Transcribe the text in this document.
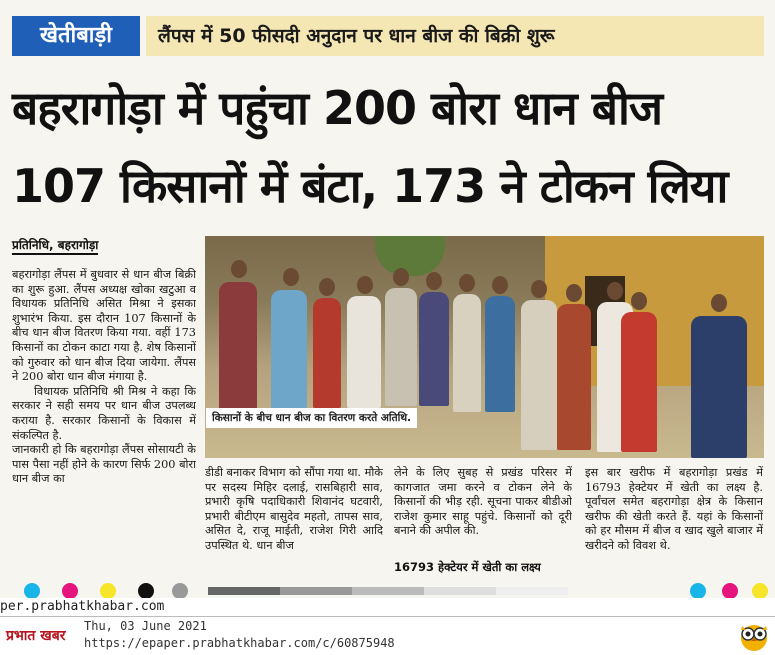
खेतीबाड़ी	लैंपस में 50 फीसदी अनुदान पर धान बीज की बिक्री शुरू
बहरागोड़ा में पहुंचा 200 बोरा धान बीज
107 किसानों में बंटा, 173 ने टोकन लिया
प्रतिनिधि, बहरागोड़ा

बहरागोड़ा लैंपस में बुधवार से धान बीज बिक्री का शुरू हुआ. लैंपस अध्यक्ष खोका खटुआ व विधायक प्रतिनिधि असित मिश्रा ने इसका शुभारंभ किया. इस दौरान 107 किसानों के बीच धान बीज वितरण किया गया. वहीं 173 किसानों का टोकन काटा गया है. शेष किसानों को गुरुवार को धान बीज दिया जायेगा. लैंपस ने 200 बोरा धान बीज मंगाया है.

विधायक प्रतिनिधि श्री मिश्र ने कहा कि सरकार ने सही समय पर धान बीज उपलब्ध कराया है. सरकार किसानों के विकास में संकल्पित है.

जानकारी हो कि बहरागोड़ा लैंपस सोसायटी के पास पैसा नहीं होने के कारण सिर्फ 200 बोरा धान बीज का

किसानों के बीच धान बीज का वितरण करते अतिथि.

डीडी बनाकर विभाग को सौंपा गया था. मौके पर सदस्य मिहिर दलाई, रासबिहारी साव, प्रभारी कृषि पदाधिकारी शिवानंद घटवारी, प्रभारी बीटीएम बासुदेव महतो, तापस साव, असित दे, राजू माईती, राजेश गिरी आदि उपस्थित थे. धान बीज

लेने के लिए सुबह से प्रखंड परिसर में कागजात जमा करने व टोकन लेने के किसानों की भीड़ रही. सूचना पाकर बीडीओ राजेश कुमार साहू पहुंचे. किसानों को दूरी बनाने की अपील की.

16793 हेक्टेयर में खेती का लक्ष्य

इस बार खरीफ में बहरागोड़ा प्रखंड में 16793 हेक्टेयर में खेती का लक्ष्य है. पूर्वांचल समेत बहरागोड़ा क्षेत्र के किसान खरीफ की खेती करते हैं. यहां के किसानों को हर मौसम में बीज व खाद खुले बाजार में खरीदने को विवश थे.

per.prabhatkhabar.com
प्रभात खबर
Thu, 03 June 2021
https://epaper.prabhatkhabar.com/c/60875948
